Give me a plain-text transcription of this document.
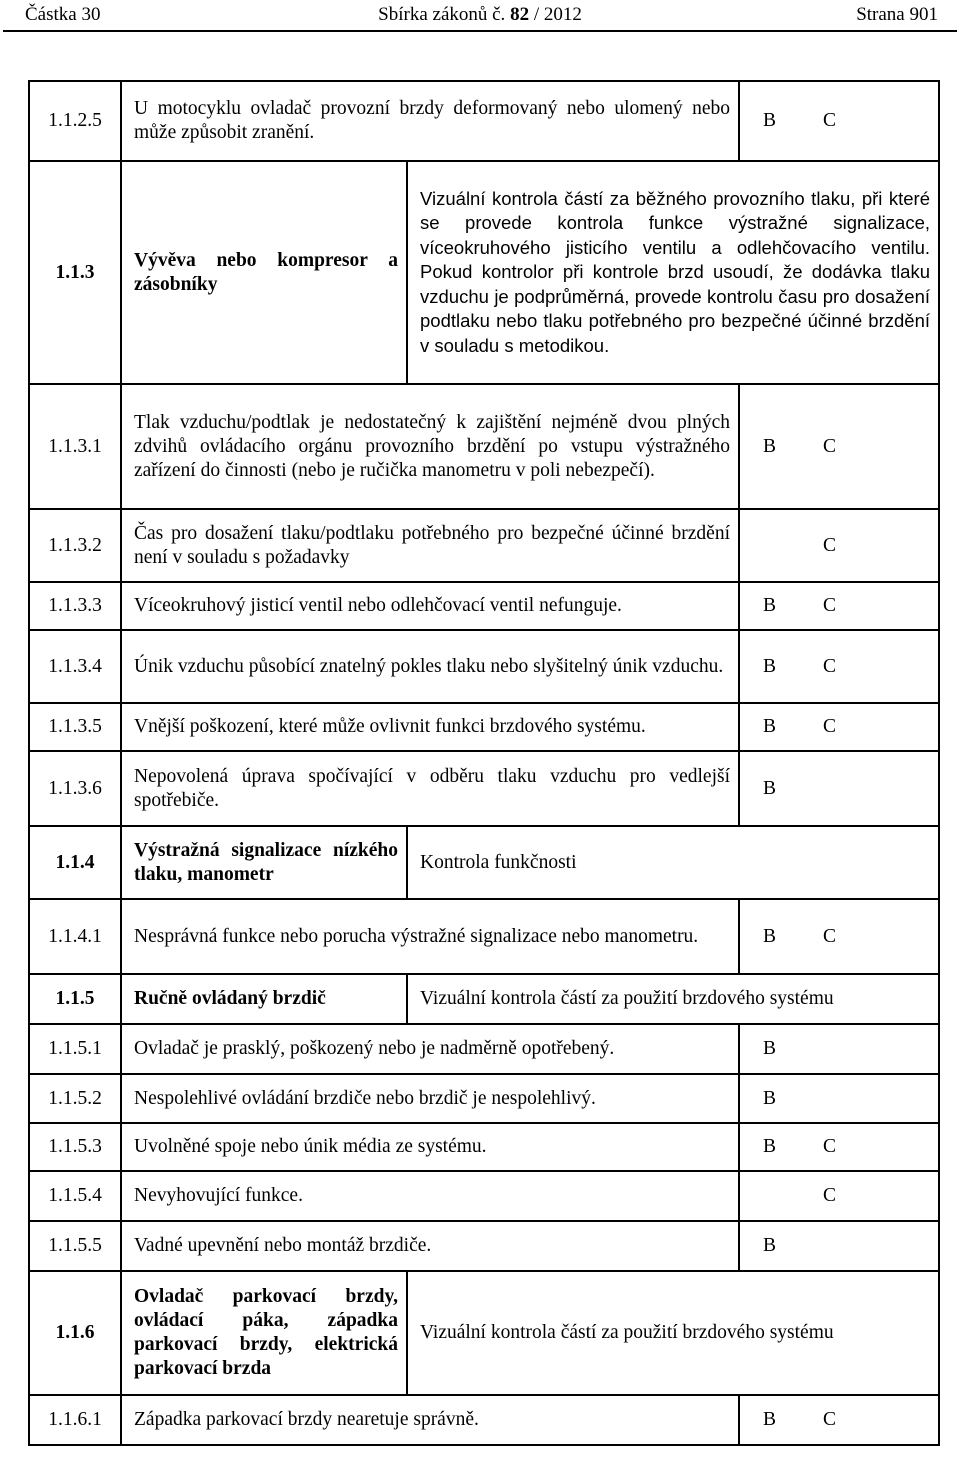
Částka 30	Sbírka zákonů č. 82 / 2012	Strana 901
1.1.2.5	U motocyklu ovladač provozní brzdy deformovaný nebo ulomený nebo může způsobit zranění.		B C

1.1.3	Vývěva nebo kompresor a zásobníky	Vizuální kontrola částí za běžného provozního tlaku, při které se provede kontrola funkce výstražné signalizace, víceokruhového jisticího ventilu a odlehčovacího ventilu. Pokud kontrolor při kontrole brzd usoudí, že dodávka tlaku vzduchu je podprůměrná, provede kontrolu času pro dosažení podtlaku nebo tlaku potřebného pro bezpečné účinné brzdění v souladu s metodikou.	
1.1.3.1	Tlak vzduchu/podtlak je nedostatečný k zajištění nejméně dvou plných zdvihů ovládacího orgánu provozního brzdění po vstupu výstražného zařízení do činnosti (nebo je ručička manometru v poli nebezpečí).		B C

1.1.3.2	Čas pro dosažení tlaku/podtlaku potřebného pro bezpečné účinné brzdění není v souladu s požadavky		C

1.1.3.3	Víceokruhový jisticí ventil nebo odlehčovací ventil nefunguje.		B C

1.1.3.4	Únik vzduchu působící znatelný pokles tlaku nebo slyšitelný únik vzduchu.		B C

1.1.3.5	Vnější poškození, které může ovlivnit funkci brzdového systému.		B C

1.1.3.6	Nepovolená úprava spočívající v odběru tlaku vzduchu pro vedlejší spotřebiče.		B

1.1.4	Výstražná signalizace nízkého tlaku, manometr	Kontrola funkčnosti	
1.1.4.1	Nesprávná funkce nebo porucha výstražné signalizace nebo manometru.		B C

1.1.5	Ručně ovládaný brzdič	Vizuální kontrola částí za použití brzdového systému	
1.1.5.1	Ovladač je prasklý, poškozený nebo je nadměrně opotřebený.		B

1.1.5.2	Nespolehlivé ovládání brzdiče nebo brzdič je nespolehlivý.		B

1.1.5.3	Uvolněné spoje nebo únik média ze systému.		B C

1.1.5.4	Nevyhovující funkce.		C

1.1.5.5	Vadné upevnění nebo montáž brzdiče.		B

1.1.6	Ovladač parkovací brzdy, ovládací páka, západka parkovací brzdy, elektrická parkovací brzda	Vizuální kontrola částí za použití brzdového systému	
1.1.6.1	Západka parkovací brzdy nearetuje správně.		B C
